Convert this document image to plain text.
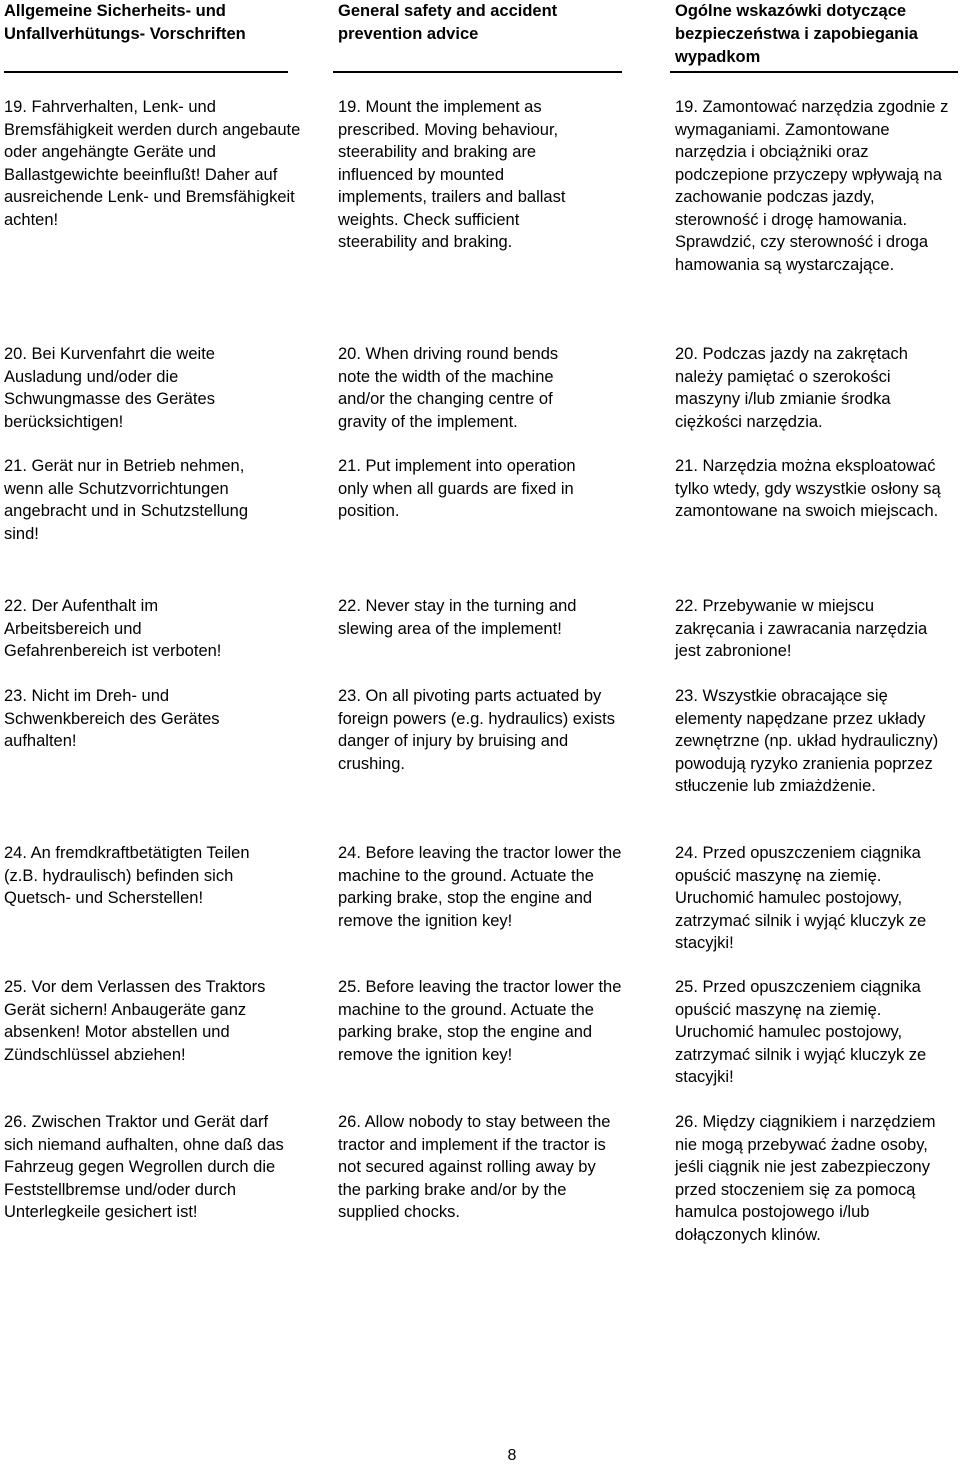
Allgemeine Sicherheits- und Unfallverhütungs- Vorschriften
General safety and accident prevention advice
Ogólne wskazówki dotyczące bezpieczeństwa i zapobiegania wypadkom

19. Fahrverhalten, Lenk- und Bremsfähigkeit werden durch angebaute oder angehängte Geräte und Ballastgewichte beeinflußt! Daher auf ausreichende Lenk- und Bremsfähigkeit achten!

19. Mount the implement as prescribed. Moving behaviour, steerability and braking are influenced by mounted implements, trailers and ballast weights. Check sufficient steerability and braking.

19. Zamontować narzędzia zgodnie z wymaganiami. Zamontowane narzędzia i obciążniki oraz podczepione przyczepy wpływają na zachowanie podczas jazdy, sterowność i drogę hamowania. Sprawdzić, czy sterowność i droga hamowania są wystarczające.

20. Bei Kurvenfahrt die weite Ausladung und/oder die Schwungmasse des Gerätes berücksichtigen!

20. When driving round bends note the width of the machine and/or the changing centre of gravity of the implement.

20. Podczas jazdy na zakrętach należy pamiętać o szerokości maszyny i/lub zmianie środka ciężkości narzędzia.

21. Gerät nur in Betrieb nehmen, wenn alle Schutzvorrichtungen angebracht und in Schutzstellung sind!

21. Put implement into operation only when all guards are fixed in position.

21. Narzędzia można eksploatować tylko wtedy, gdy wszystkie osłony są zamontowane na swoich miejscach.

22. Der Aufenthalt im Arbeitsbereich und Gefahrenbereich ist verboten!

22. Never stay in the turning and slewing area of the implement!

22. Przebywanie w miejscu zakręcania i zawracania narzędzia jest zabronione!

23. Nicht im Dreh- und Schwenkbereich des Gerätes aufhalten!

23. On all pivoting parts actuated by foreign powers (e.g. hydraulics) exists danger of injury by bruising and crushing.

23. Wszystkie obracające się elementy napędzane przez układy zewnętrzne (np. układ hydrauliczny) powodują ryzyko zranienia poprzez stłuczenie lub zmiażdżenie.

24. An fremdkraftbetätigten Teilen (z.B. hydraulisch) befinden sich Quetsch- und Scherstellen!

24. Before leaving the tractor lower the machine to the ground. Actuate the parking brake, stop the engine and remove the ignition key!

24. Przed opuszczeniem ciągnika opuścić maszynę na ziemię. Uruchomić hamulec postojowy, zatrzymać silnik i wyjąć kluczyk ze stacyjki!

25. Vor dem Verlassen des Traktors Gerät sichern! Anbaugeräte ganz absenken! Motor abstellen und Zündschlüssel abziehen!

25. Before leaving the tractor lower the machine to the ground. Actuate the parking brake, stop the engine and remove the ignition key!

25. Przed opuszczeniem ciągnika opuścić maszynę na ziemię. Uruchomić hamulec postojowy, zatrzymać silnik i wyjąć kluczyk ze stacyjki!

26. Zwischen Traktor und Gerät darf sich niemand aufhalten, ohne daß das Fahrzeug gegen Wegrollen durch die Feststellbremse und/oder durch Unterlegkeile gesichert ist!

26. Allow nobody to stay between the tractor and implement if the tractor is not secured against rolling away by the parking brake and/or by the supplied chocks.

26. Między ciągnikiem i narzędziem nie mogą przebywać żadne osoby, jeśli ciągnik nie jest zabezpieczony przed stoczeniem się za pomocą hamulca postojowego i/lub dołączonych klinów.

8
